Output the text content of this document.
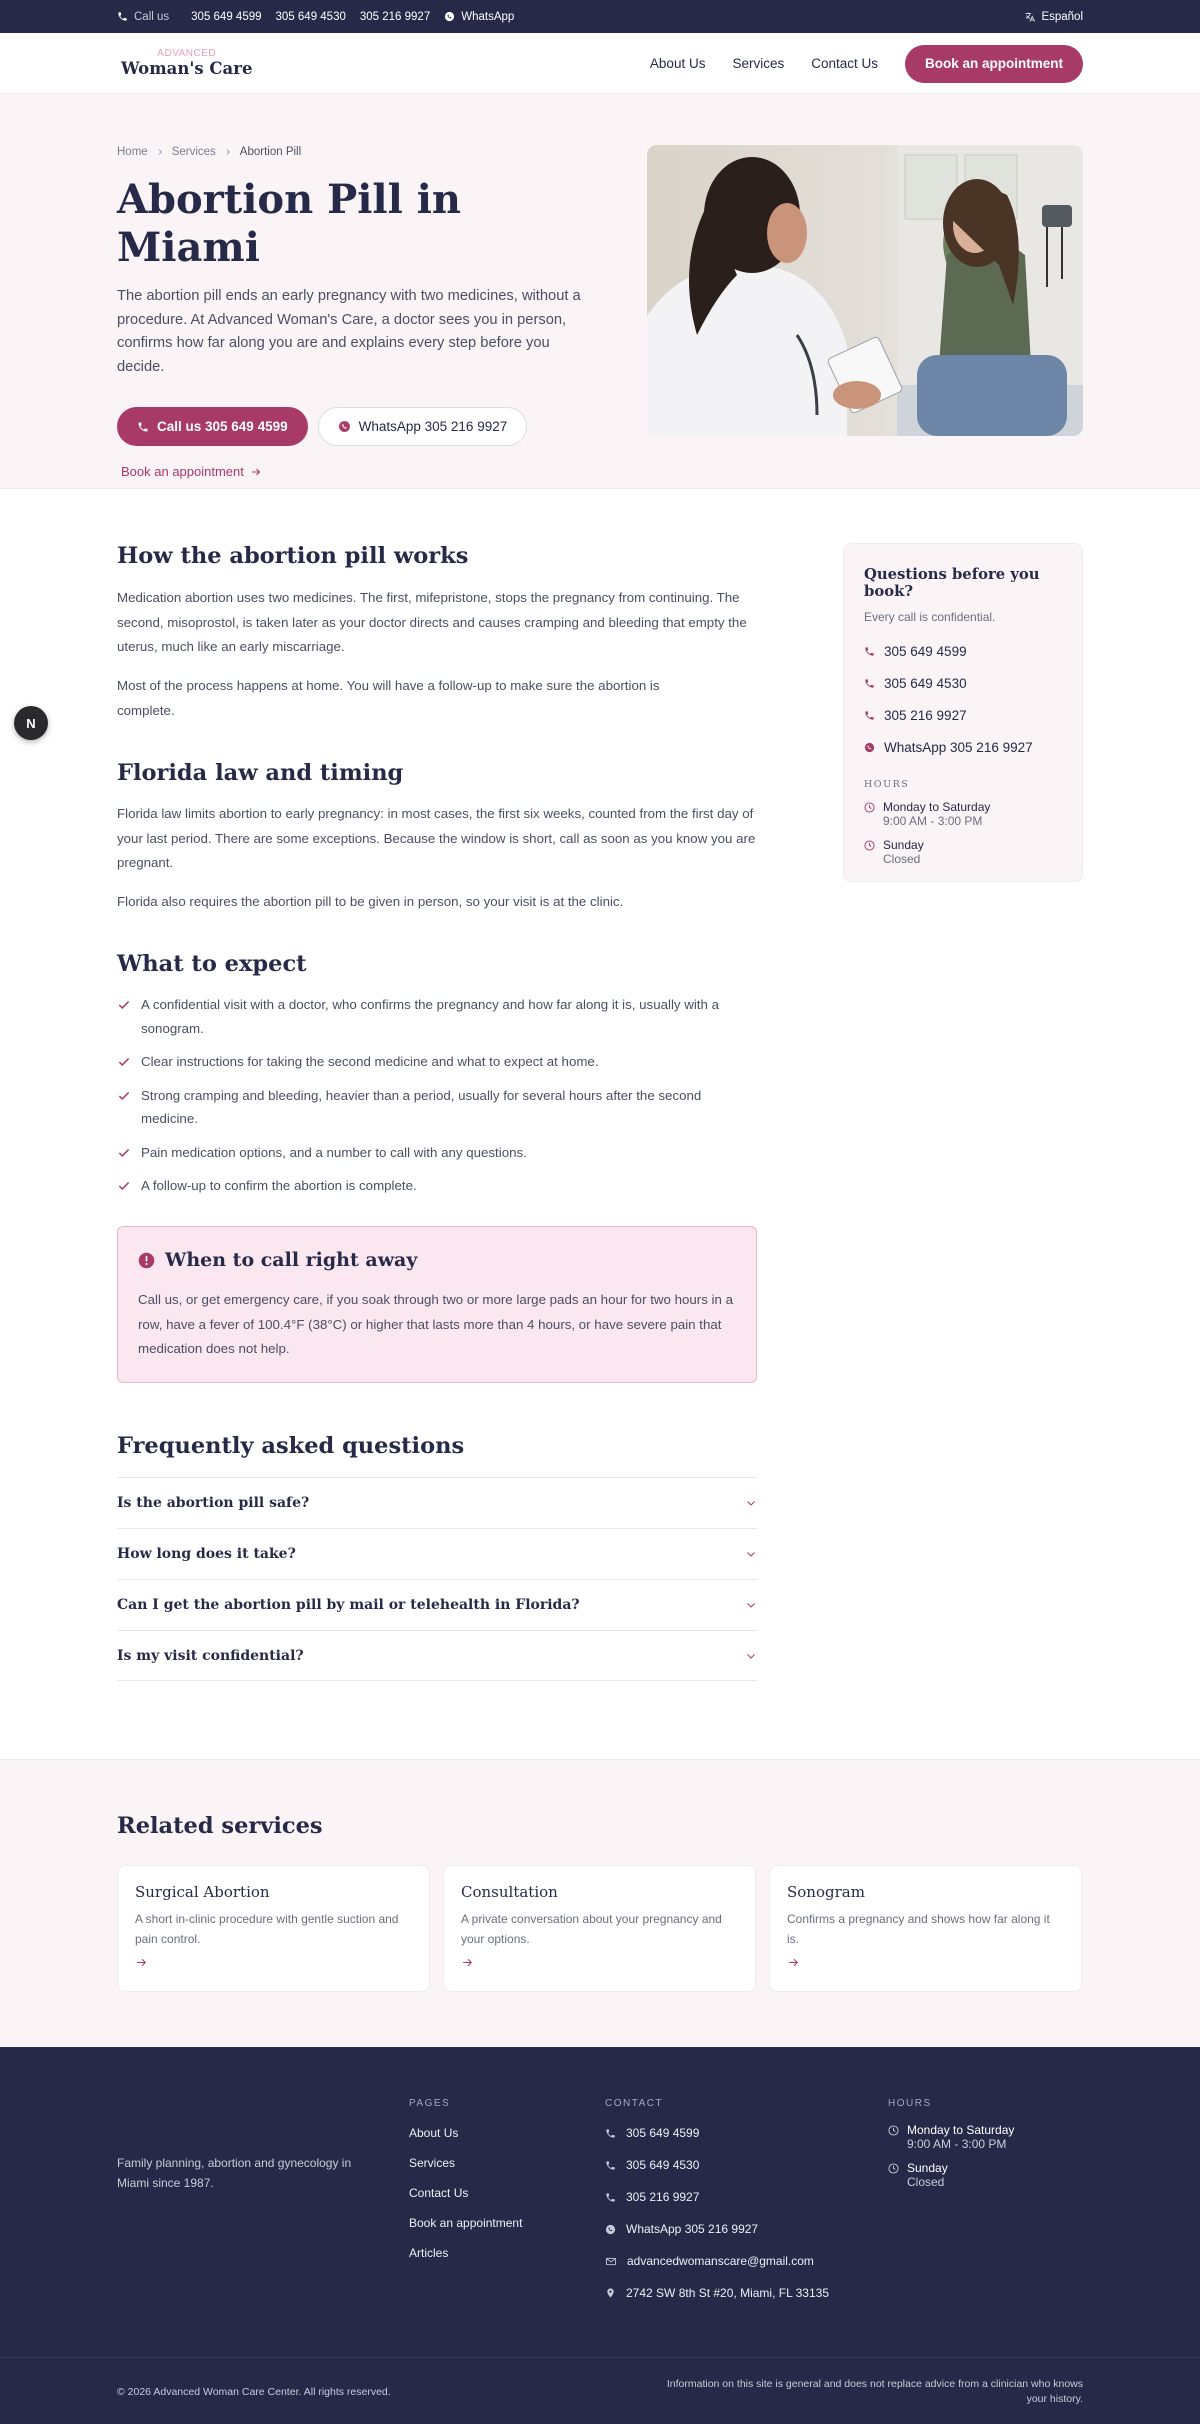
Call us 305 649 4599 305 649 4530 305 216 9927	WhatsApp	Español
ADVANCED
Woman's Care	About Us Services Contact Us	Book an appointment
Home Services Abortion Pill
Abortion Pill in Miami

The abortion pill ends an early pregnancy with two medicines, without a procedure. At Advanced Woman's Care, a doctor sees you in person, confirms how far along you are and explains every step before you decide.

Call us 305 649 4599	WhatsApp 305 216 9927
Book an appointment
N
How the abortion pill works

Medication abortion uses two medicines. The first, mifepristone, stops the pregnancy from continuing. The second, misoprostol, is taken later as your doctor directs and causes cramping and bleeding that empty the uterus, much like an early miscarriage.

Most of the process happens at home. You will have a follow-up to make sure the abortion is complete.

Florida law and timing

Florida law limits abortion to early pregnancy: in most cases, the first six weeks, counted from the first day of your last period. There are some exceptions. Because the window is short, call as soon as you know you are pregnant.

Florida also requires the abortion pill to be given in person, so your visit is at the clinic.

What to expect
A confidential visit with a doctor, who confirms the pregnancy and how far along it is, usually with a sonogram.
Clear instructions for taking the second medicine and what to expect at home.
Strong cramping and bleeding, heavier than a period, usually for several hours after the second medicine.
Pain medication options, and a number to call with any questions.
A follow-up to confirm the abortion is complete.
When to call right away

Call us, or get emergency care, if you soak through two or more large pads an hour for two hours in a row, have a fever of 100.4°F (38°C) or higher that lasts more than 4 hours, or have severe pain that medication does not help.

Frequently asked questions
Is the abortion pill safe?
How long does it take?
Can I get the abortion pill by mail or telehealth in Florida?
Is my visit confidential?
Questions before you book?
Every call is confidential.
305 649 4599
305 649 4530
305 216 9927
WhatsApp 305 216 9927
HOURS
Monday to Saturday
9:00 AM - 3:00 PM
Sunday
Closed
Related services
Surgical Abortion

A short in-clinic procedure with gentle suction and pain control.

Consultation

A private conversation about your pregnancy and your options.

Sonogram

Confirms a pregnancy and shows how far along it is.

Family planning, abortion and gynecology in Miami since 1987.

PAGES
About Us
Services
Contact Us
Book an appointment
Articles
CONTACT
305 649 4599
305 649 4530
305 216 9927
WhatsApp 305 216 9927
advancedwomanscare@gmail.com
2742 SW 8th St #20, Miami, FL 33135
HOURS
Monday to Saturday
9:00 AM - 3:00 PM
Sunday
Closed
© 2026 Advanced Woman Care Center. All rights reserved.

Information on this site is general and does not replace advice from a clinician who knows your history.
